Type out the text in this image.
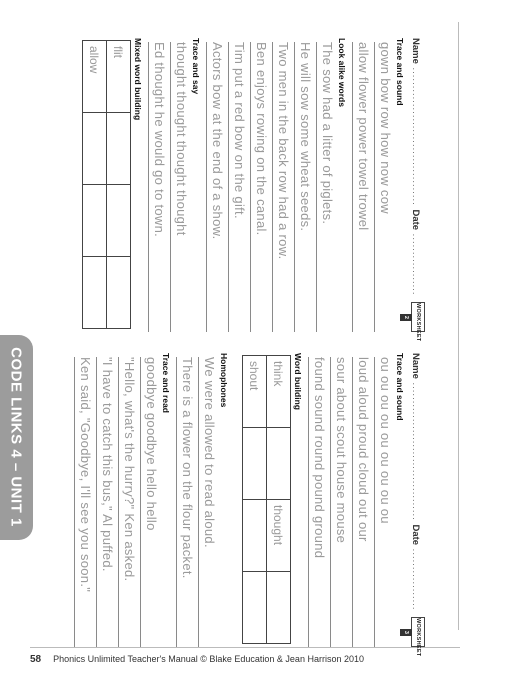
CODE LINKS 4 – UNIT 1
Name ...................................... Date .................
WORKSHEET 2
Trace and sound
gown bow row how now cow
allow flower power towel trowel
Look alike words
The sow had a litter of piglets.
He will sow some wheat seeds.
Two men in the back row had a row.
Ben enjoys rowing on the canal.
Tim put a red bow on the gift.
Actors bow at the end of a show.
Trace and say
thought thought thought thought
Ed thought he would go to town.
Mixed word building
flit			
allow			
Name ...................................... Date .................
WORKSHEET 3
Trace and sound
ou ou ou ou ou ou ou ou ou
loud aloud proud cloud out our
sour about scout house mouse
found sound round pound ground
Word building
think		thought	
shout			
Homophones
We were allowed to read aloud.
There is a flower on the flour packet.
Trace and read
goodbye goodbye hello hello
"Hello, what's the hurry?" Ken asked.
"I have to catch this bus," Al puffed.
Ken said, "Goodbye, I'll see you soon."
58 Phonics Unlimited Teacher's Manual © Blake Education & Jean Harrison 2010
